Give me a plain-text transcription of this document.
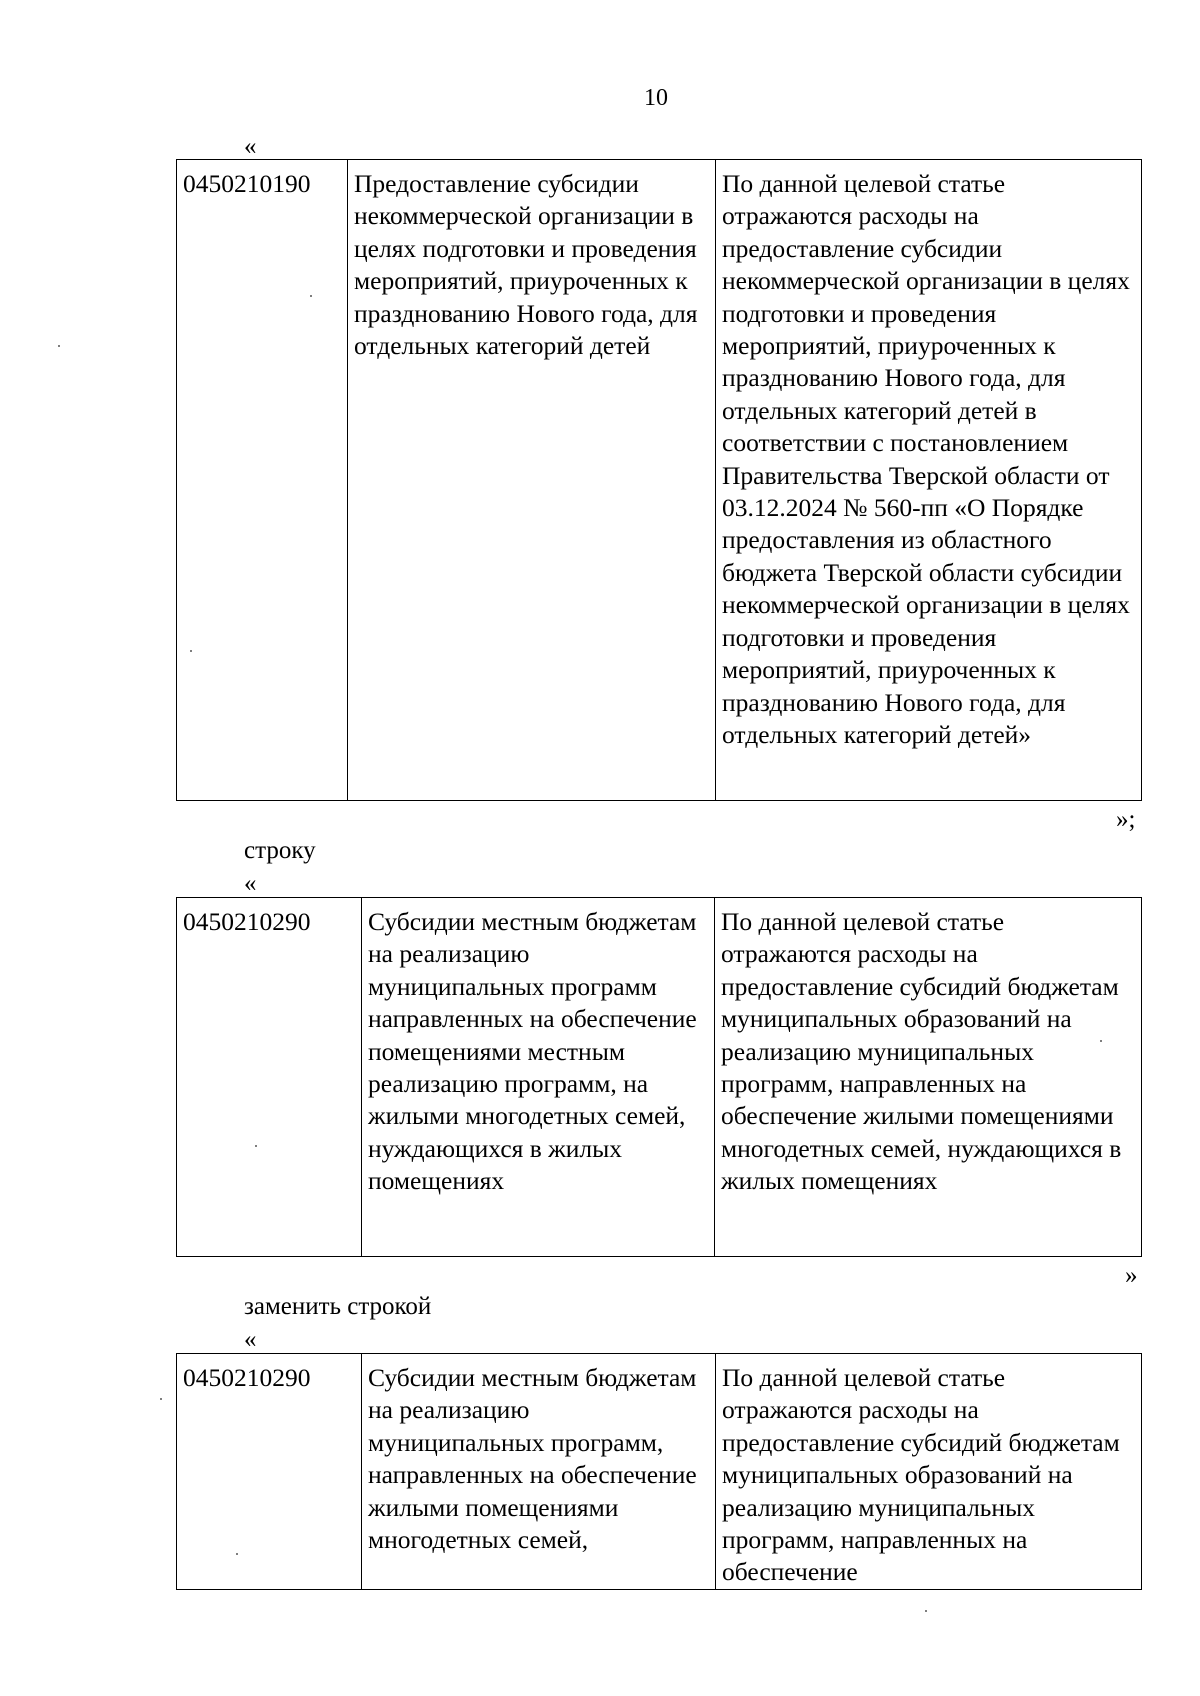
10
«
0450210190	Предоставление субсидии некоммерческой организации в целях подготовки и проведения мероприятий, приуроченных к празднованию Нового года, для отдельных категорий детей	По данной целевой статье отражаются расходы на предоставление субсидии некоммерческой организации в целях подготовки и проведения мероприятий, приуроченных к празднованию Нового года, для отдельных категорий детей в соответствии с постановлением Правительства Тверской области от 03.12.2024 № 560-пп «О Порядке предоставления из областного бюджета Тверской области субсидии некоммерческой организации в целях подготовки и проведения мероприятий, приуроченных к празднованию Нового года, для отдельных категорий детей»
»;
строку
«
0450210290	Субсидии местным бюджетам на реализацию муниципальных программ направленных на обеспечение помещениями местным реализацию программ, на жилыми многодетных семей, нуждающихся в жилых помещениях	По данной целевой статье отражаются расходы на предоставление субсидий бюджетам муниципальных образований на реализацию муниципальных программ, направленных на обеспечение жилыми помещениями многодетных семей, нуждающихся в жилых помещениях
»
заменить строкой
«
0450210290	Субсидии местным бюджетам на реализацию муниципальных программ, направленных на обеспечение жилыми помещениями многодетных семей,	По данной целевой статье отражаются расходы на предоставление субсидий бюджетам муниципальных образований на реализацию муниципальных программ, направленных на обеспечение
